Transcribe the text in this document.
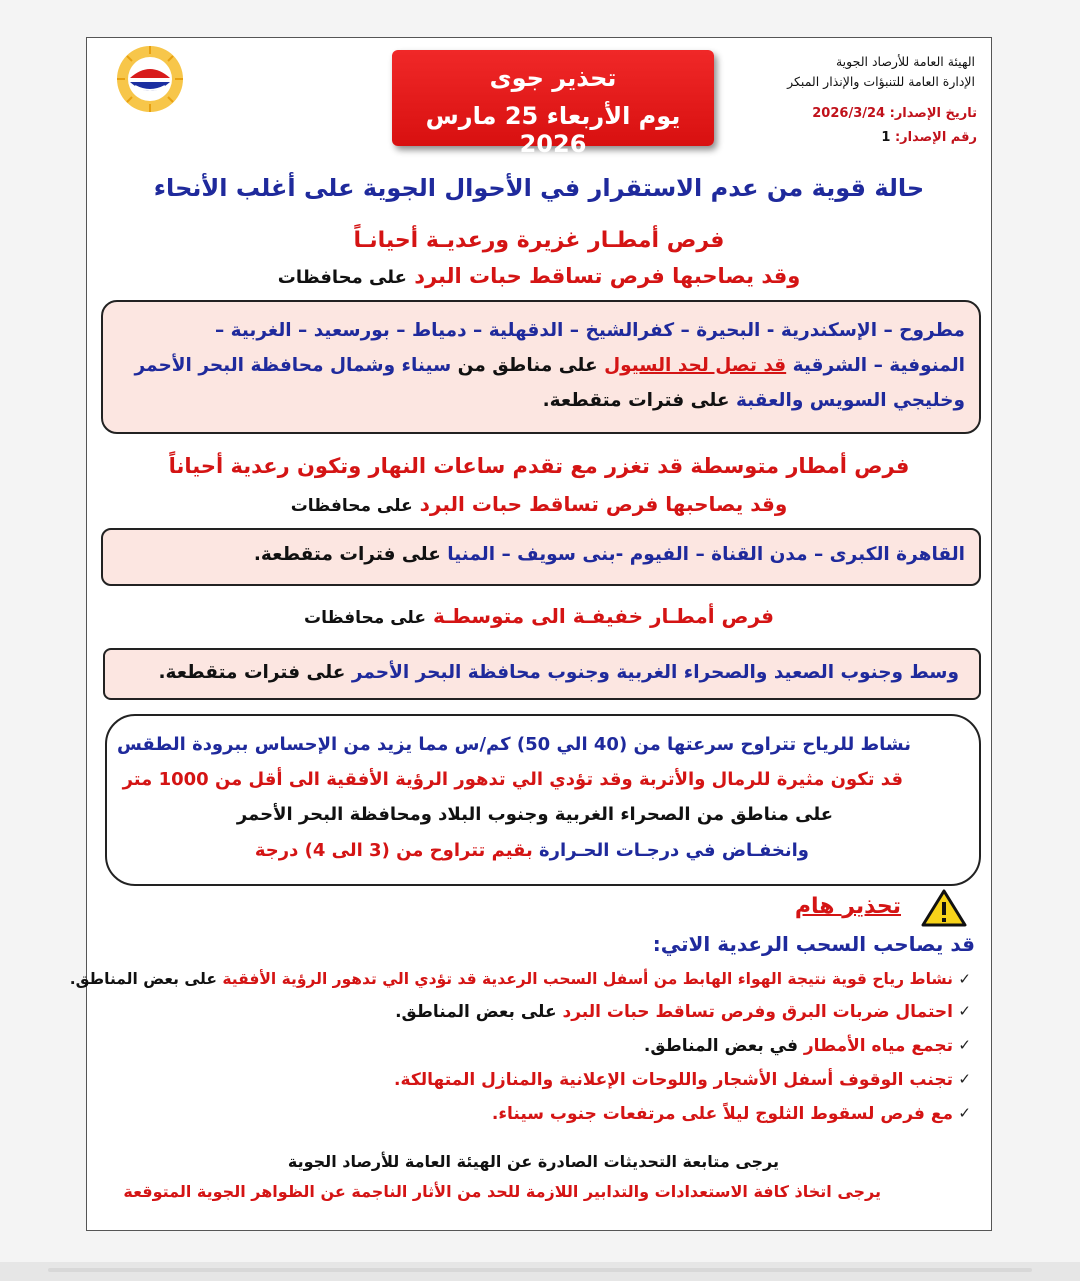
تحذير جوى
يوم الأربعاء 25 مارس 2026
الهيئة العامة للأرصاد الجوية
الإدارة العامة للتنبؤات والإنذار المبكر
تاريخ الإصدار: 2026/3/24
رقم الإصدار: 1
حالة قوية من عدم الاستقرار في الأحوال الجوية على أغلب الأنحاء
فرص أمطـار غزيرة ورعديـة أحيانـاً
وقد يصاحبها فرص تساقط حبات البرد على محافظات
مطروح – الإسكندرية - البحيرة – كفرالشيخ – الدقهلية – دمياط – بورسعيد – الغربية –
المنوفية – الشرقية قد تصل لحد السيول على مناطق من سيناء وشمال محافظة البحر الأحمر
وخليجي السويس والعقبة على فترات متقطعة.
فرص أمطار متوسطة قد تغزر مع تقدم ساعات النهار وتكون رعدية أحياناً
وقد يصاحبها فرص تساقط حبات البرد على محافظات
القاهرة الكبرى – مدن القناة – الفيوم -بنى سويف – المنيا على فترات متقطعة.
فرص أمطـار خفيفـة الى متوسطـة على محافظات
وسط وجنوب الصعيد والصحراء الغربية وجنوب محافظة البحر الأحمر على فترات متقطعة.
نشاط للرياح تتراوح سرعتها من (40 الي 50) كم/س مما يزيد من الإحساس ببرودة الطقس
قد تكون مثيرة للرمال والأتربة وقد تؤدي الي تدهور الرؤية الأفقية الى أقل من 1000 متر
على مناطق من الصحراء الغربية وجنوب البلاد ومحافظة البحر الأحمر
وانخفـاض في درجـات الحـرارة بقيم تتراوح من (3 الى 4) درجة
تحذير هام
قد يصاحب السحب الرعدية الاتي:
✓
نشاط رياح قوية نتيجة الهواء الهابط من أسفل السحب الرعدية قد تؤدي الي تدهور الرؤية الأفقية على بعض المناطق.
✓
احتمال ضربات البرق وفرص تساقط حبات البرد على بعض المناطق.
✓
تجمع مياه الأمطار في بعض المناطق.
✓
تجنب الوقوف أسفل الأشجار واللوحات الإعلانية والمنازل المتهالكة.
✓
مع فرص لسقوط الثلوج ليلاً على مرتفعات جنوب سيناء.
يرجى متابعة التحديثات الصادرة عن الهيئة العامة للأرصاد الجوية
يرجى اتخاذ كافة الاستعدادات والتدابير اللازمة للحد من الأثار الناجمة عن الظواهر الجوية المتوقعة
